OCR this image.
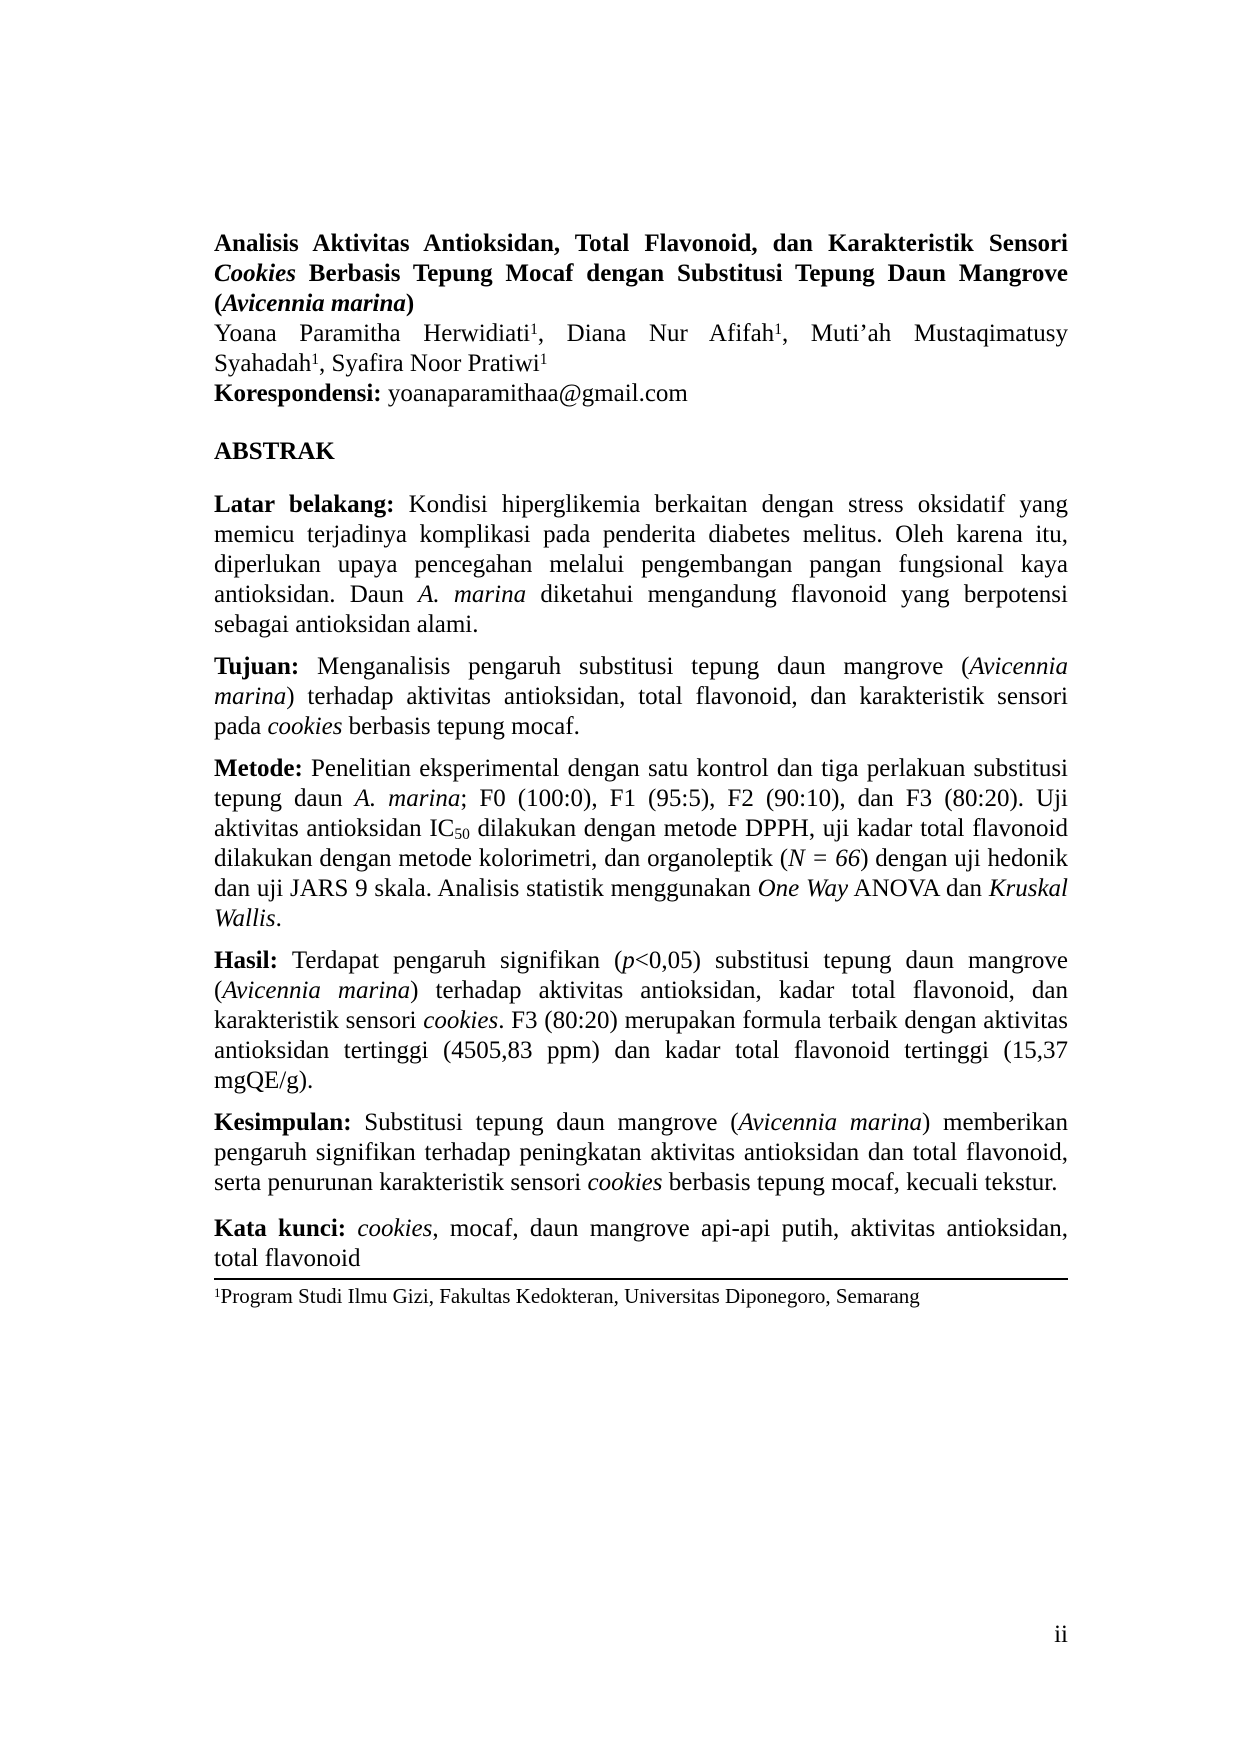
Analisis Aktivitas Antioksidan, Total Flavonoid, dan Karakteristik Sensori
Cookies Berbasis Tepung Mocaf dengan Substitusi Tepung Daun Mangrove
(Avicennia marina)
Yoana Paramitha Herwidiati$^1$, Diana Nur Afifah$^1$, Muti’ah Mustaqimatusy
Syahadah$^1$, Syafira Noor Pratiwi$^1$
Korespondensi: yoanaparamithaa@gmail.com
ABSTRAK

Latar belakang: Kondisi hiperglikemia berkaitan dengan stress oksidatif yang memicu terjadinya komplikasi pada penderita diabetes melitus. Oleh karena itu, diperlukan upaya pencegahan melalui pengembangan pangan fungsional kaya antioksidan. Daun A. marina diketahui mengandung flavonoid yang berpotensi sebagai antioksidan alami.

Tujuan: Menganalisis pengaruh substitusi tepung daun mangrove (Avicennia marina) terhadap aktivitas antioksidan, total flavonoid, dan karakteristik sensori pada cookies berbasis tepung mocaf.

Metode: Penelitian eksperimental dengan satu kontrol dan tiga perlakuan substitusi tepung daun A. marina; F0 (100:0), F1 (95:5), F2 (90:10), dan F3 (80:20). Uji aktivitas antioksidan $IC_{50}$ dilakukan dengan metode DPPH, uji kadar total flavonoid dilakukan dengan metode kolorimetri, dan organoleptik (N = 66) dengan uji hedonik dan uji JARS 9 skala. Analisis statistik menggunakan One Way ANOVA dan Kruskal Wallis.

Hasil: Terdapat pengaruh signifikan (p<0,05) substitusi tepung daun mangrove (Avicennia marina) terhadap aktivitas antioksidan, kadar total flavonoid, dan karakteristik sensori cookies. F3 (80:20) merupakan formula terbaik dengan aktivitas antioksidan tertinggi (4505,83 ppm) dan kadar total flavonoid tertinggi (15,37 mgQE/g).

Kesimpulan: Substitusi tepung daun mangrove (Avicennia marina) memberikan pengaruh signifikan terhadap peningkatan aktivitas antioksidan dan total flavonoid, serta penurunan karakteristik sensori cookies berbasis tepung mocaf, kecuali tekstur.

Kata kunci: cookies, mocaf, daun mangrove api-api putih, aktivitas antioksidan, total flavonoid

$^1$Program Studi Ilmu Gizi, Fakultas Kedokteran, Universitas Diponegoro, Semarang
ii
